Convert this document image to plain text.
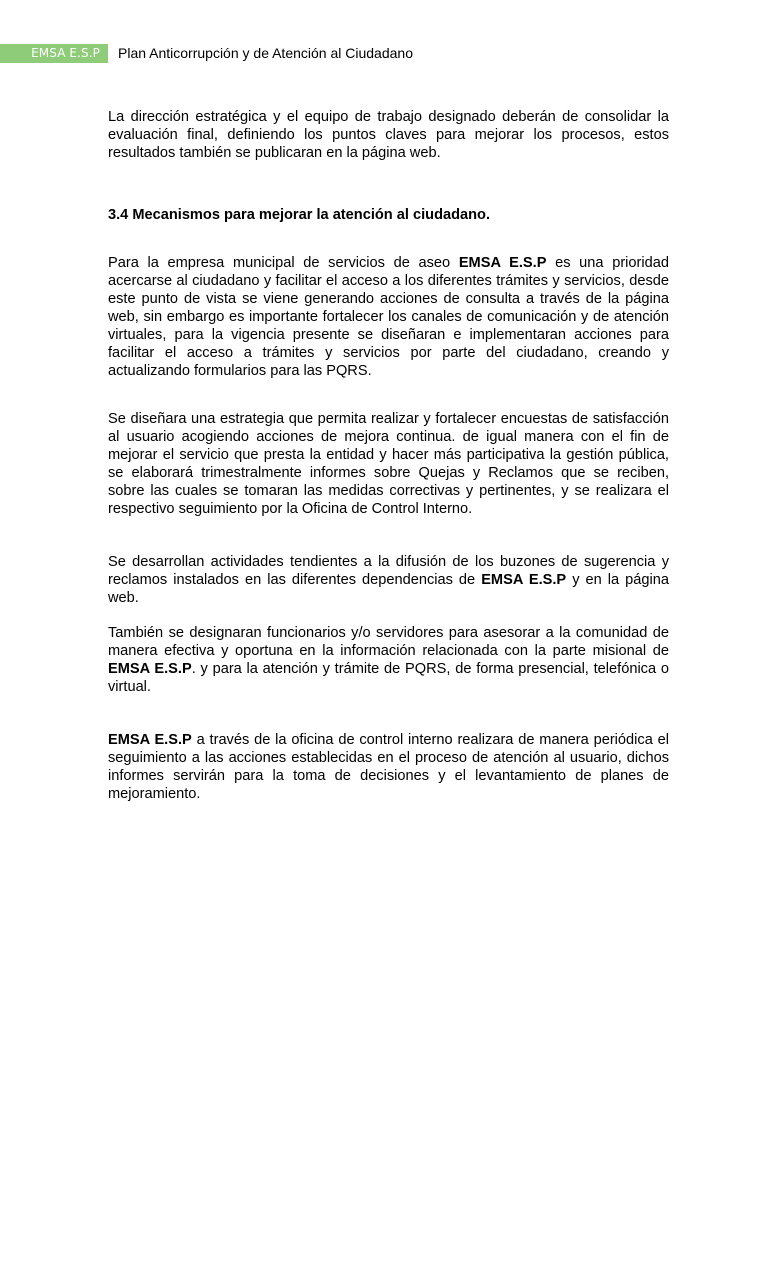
EMSA E.S.P	Plan Anticorrupción y de Atención al Ciudadano

La dirección estratégica y el equipo de trabajo designado deberán de consolidar la evaluación final, definiendo los puntos claves para mejorar los procesos, estos resultados también se publicaran en la página web.

3.4 Mecanismos para mejorar la atención al ciudadano.

Para la empresa municipal de servicios de aseo EMSA E.S.P es una prioridad acercarse al ciudadano y facilitar el acceso a los diferentes trámites y servicios, desde este punto de vista se viene generando acciones de consulta a través de la página web, sin embargo es importante fortalecer los canales de comunicación y de atención virtuales, para la vigencia presente se diseñaran e implementaran acciones para facilitar el acceso a trámites y servicios por parte del ciudadano, creando y actualizando formularios para las PQRS.

Se diseñara una estrategia que permita realizar y fortalecer encuestas de satisfacción al usuario acogiendo acciones de mejora continua. de igual manera con el fin de mejorar el servicio que presta la entidad y hacer más participativa la gestión pública, se elaborará trimestralmente informes sobre Quejas y Reclamos que se reciben, sobre las cuales se tomaran las medidas correctivas y pertinentes, y se realizara el respectivo seguimiento por la Oficina de Control Interno.

Se desarrollan actividades tendientes a la difusión de los buzones de sugerencia y reclamos instalados en las diferentes dependencias de EMSA E.S.P y en la página web.

También se designaran funcionarios y/o servidores para asesorar a la comunidad de manera efectiva y oportuna en la información relacionada con la parte misional de EMSA E.S.P. y para la atención y trámite de PQRS, de forma presencial, telefónica o virtual.

EMSA E.S.P a través de la oficina de control interno realizara de manera periódica el seguimiento a las acciones establecidas en el proceso de atención al usuario, dichos informes servirán para la toma de decisiones y el levantamiento de planes de mejoramiento.
